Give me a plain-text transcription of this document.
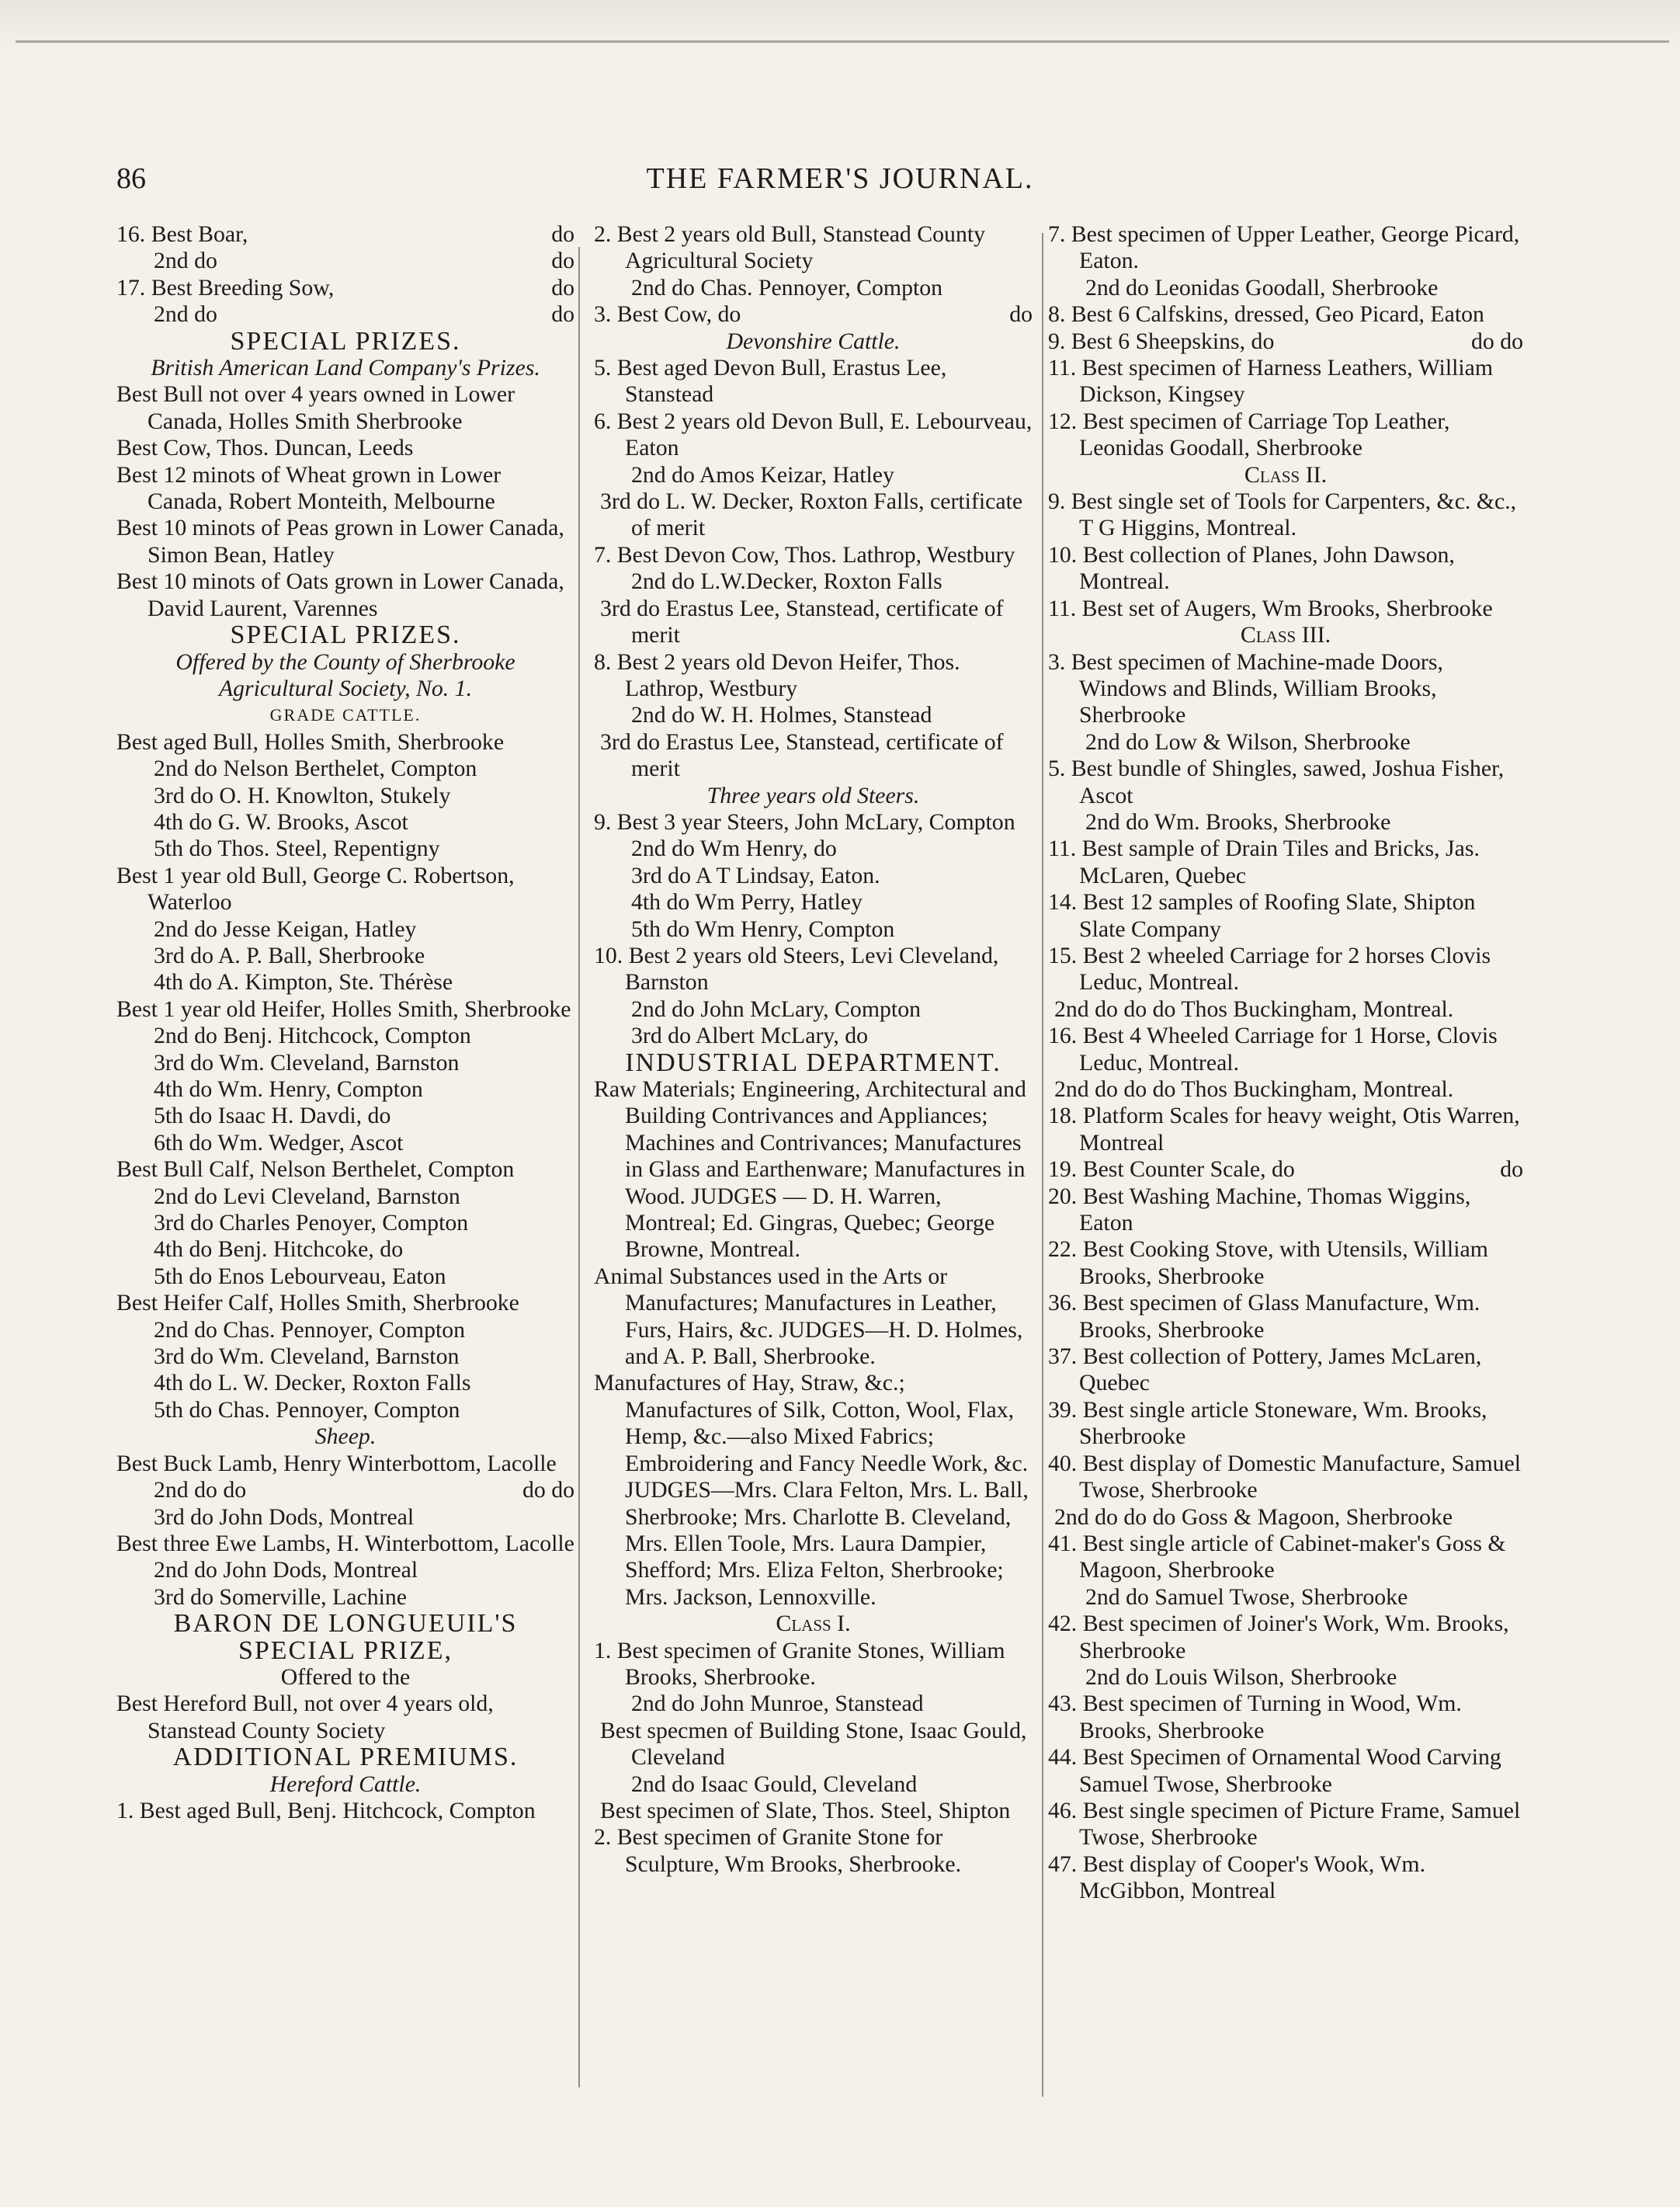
86	THE FARMER'S JOURNAL.
16. Best Boar,	do
2nd do	do
17. Best Breeding Sow,	do
2nd do	do
SPECIAL PRIZES.
British American Land Company's Prizes.
Best Bull not over 4 years owned in Lower Canada, Holles Smith Sherbrooke
Best Cow, Thos. Duncan, Leeds
Best 12 minots of Wheat grown in Lower Canada, Robert Monteith, Melbourne
Best 10 minots of Peas grown in Lower Canada, Simon Bean, Hatley
Best 10 minots of Oats grown in Lower Canada, David Laurent, Varennes
SPECIAL PRIZES.
Offered by the County of Sherbrooke Agricultural Society, No. 1.
GRADE CATTLE.
Best aged Bull, Holles Smith, Sherbrooke
2nd do Nelson Berthelet, Compton
3rd do O. H. Knowlton, Stukely
4th do G. W. Brooks, Ascot
5th do Thos. Steel, Repentigny
Best 1 year old Bull, George C. Robertson, Waterloo
2nd do Jesse Keigan, Hatley
3rd do A. P. Ball, Sherbrooke
4th do A. Kimpton, Ste. Thérèse
Best 1 year old Heifer, Holles Smith, Sherbrooke
2nd do Benj. Hitchcock, Compton
3rd do Wm. Cleveland, Barnston
4th do Wm. Henry, Compton
5th do Isaac H. Davdi, do
6th do Wm. Wedger, Ascot
Best Bull Calf, Nelson Berthelet, Compton
2nd do Levi Cleveland, Barnston
3rd do Charles Penoyer, Compton
4th do Benj. Hitchcoke, do
5th do Enos Lebourveau, Eaton
Best Heifer Calf, Holles Smith, Sherbrooke
2nd do Chas. Pennoyer, Compton
3rd do Wm. Cleveland, Barnston
4th do L. W. Decker, Roxton Falls
5th do Chas. Pennoyer, Compton
Sheep.
Best Buck Lamb, Henry Winterbottom, Lacolle
2nd do do	do do
3rd do John Dods, Montreal
Best three Ewe Lambs, H. Winterbottom, Lacolle
2nd do John Dods, Montreal
3rd do Somerville, Lachine
BARON DE LONGUEUIL'S SPECIAL PRIZE,
Offered to the
Best Hereford Bull, not over 4 years old, Stanstead County Society
ADDITIONAL PREMIUMS.
Hereford Cattle.
1. Best aged Bull, Benj. Hitchcock, Compton
2. Best 2 years old Bull, Stanstead County Agricultural Society
2nd do Chas. Pennoyer, Compton
3. Best Cow, do	do
Devonshire Cattle.
5. Best aged Devon Bull, Erastus Lee, Stanstead
6. Best 2 years old Devon Bull, E. Lebourveau, Eaton
2nd do Amos Keizar, Hatley
3rd do L. W. Decker, Roxton Falls, certificate of merit
7. Best Devon Cow, Thos. Lathrop, Westbury
2nd do L.W.Decker, Roxton Falls
3rd do Erastus Lee, Stanstead, certificate of merit
8. Best 2 years old Devon Heifer, Thos. Lathrop, Westbury
2nd do W. H. Holmes, Stanstead
3rd do Erastus Lee, Stanstead, certificate of merit
Three years old Steers.
9. Best 3 year Steers, John McLary, Compton
2nd do Wm Henry, do
3rd do A T Lindsay, Eaton.
4th do Wm Perry, Hatley
5th do Wm Henry, Compton
10. Best 2 years old Steers, Levi Cleveland, Barnston
2nd do John McLary, Compton
3rd do Albert McLary, do
INDUSTRIAL DEPARTMENT.
Raw Materials; Engineering, Architectural and Building Contrivances and Appliances; Machines and Contrivances; Manufactures in Glass and Earthenware; Manufactures in Wood. JUDGES — D. H. Warren, Montreal; Ed. Gingras, Quebec; George Browne, Montreal.
Animal Substances used in the Arts or Manufactures; Manufactures in Leather, Furs, Hairs, &c. JUDGES—H. D. Holmes, and A. P. Ball, Sherbrooke.
Manufactures of Hay, Straw, &c.; Manufactures of Silk, Cotton, Wool, Flax, Hemp, &c.—also Mixed Fabrics; Embroidering and Fancy Needle Work, &c. JUDGES—Mrs. Clara Felton, Mrs. L. Ball, Sherbrooke; Mrs. Charlotte B. Cleveland, Mrs. Ellen Toole, Mrs. Laura Dampier, Shefford; Mrs. Eliza Felton, Sherbrooke; Mrs. Jackson, Lennoxville.
Class I.
1. Best specimen of Granite Stones, William Brooks, Sherbrooke.
2nd do John Munroe, Stanstead
Best specmen of Building Stone, Isaac Gould, Cleveland
2nd do Isaac Gould, Cleveland
Best specimen of Slate, Thos. Steel, Shipton
2. Best specimen of Granite Stone for Sculpture, Wm Brooks, Sherbrooke.
7. Best specimen of Upper Leather, George Picard, Eaton.
2nd do Leonidas Goodall, Sherbrooke
8. Best 6 Calfskins, dressed, Geo Picard, Eaton
9. Best 6 Sheepskins, do	do do
11. Best specimen of Harness Leathers, William Dickson, Kingsey
12. Best specimen of Carriage Top Leather, Leonidas Goodall, Sherbrooke
Class II.
9. Best single set of Tools for Carpenters, &c. &c., T G Higgins, Montreal.
10. Best collection of Planes, John Dawson, Montreal.
11. Best set of Augers, Wm Brooks, Sherbrooke
Class III.
3. Best specimen of Machine-made Doors, Windows and Blinds, William Brooks, Sherbrooke
2nd do Low & Wilson, Sherbrooke
5. Best bundle of Shingles, sawed, Joshua Fisher, Ascot
2nd do Wm. Brooks, Sherbrooke
11. Best sample of Drain Tiles and Bricks, Jas. McLaren, Quebec
14. Best 12 samples of Roofing Slate, Shipton Slate Company
15. Best 2 wheeled Carriage for 2 horses Clovis Leduc, Montreal.
2nd do do do Thos Buckingham, Montreal.
16. Best 4 Wheeled Carriage for 1 Horse, Clovis Leduc, Montreal.
2nd do do do Thos Buckingham, Montreal.
18. Platform Scales for heavy weight, Otis Warren, Montreal
19. Best Counter Scale, do	do
20. Best Washing Machine, Thomas Wiggins, Eaton
22. Best Cooking Stove, with Utensils, William Brooks, Sherbrooke
36. Best specimen of Glass Manufacture, Wm. Brooks, Sherbrooke
37. Best collection of Pottery, James McLaren, Quebec
39. Best single article Stoneware, Wm. Brooks, Sherbrooke
40. Best display of Domestic Manufacture, Samuel Twose, Sherbrooke
2nd do do do Goss & Magoon, Sherbrooke
41. Best single article of Cabinet-maker's Goss & Magoon, Sherbrooke
2nd do Samuel Twose, Sherbrooke
42. Best specimen of Joiner's Work, Wm. Brooks, Sherbrooke
2nd do Louis Wilson, Sherbrooke
43. Best specimen of Turning in Wood, Wm. Brooks, Sherbrooke
44. Best Specimen of Ornamental Wood Carving Samuel Twose, Sherbrooke
46. Best single specimen of Picture Frame, Samuel Twose, Sherbrooke
47. Best display of Cooper's Wook, Wm. McGibbon, Montreal
